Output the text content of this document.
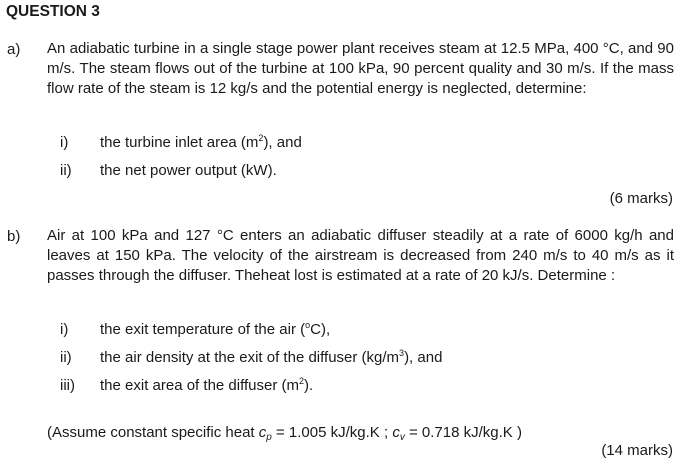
QUESTION 3
a) An adiabatic turbine in a single stage power plant receives steam at 12.5 MPa, 400 °C, and 90 m/s. The steam flows out of the turbine at 100 kPa, 90 percent quality and 30 m/s. If the mass flow rate of the steam is 12 kg/s and the potential energy is neglected, determine:
i) the turbine inlet area $(m^2)$, and
ii) the net power output (kW).
(6 marks)
b) Air at 100 kPa and 127 °C enters an adiabatic diffuser steadily at a rate of 6000 kg/h and leaves at 150 kPa. The velocity of the airstream is decreased from 240 m/s to 40 m/s as it passes through the diffuser. Theheat lost is estimated at a rate of 20 kJ/s. Determine :
i) the exit temperature of the air ($^o$C),
ii) the air density at the exit of the diffuser $(kg/m^3)$, and
iii) the exit area of the diffuser $(m^2)$.
(Assume constant specific heat $c_p = 1.005$ kJ/kg.K ; $c_v = 0.718$ kJ/kg.K )
(14 marks)
